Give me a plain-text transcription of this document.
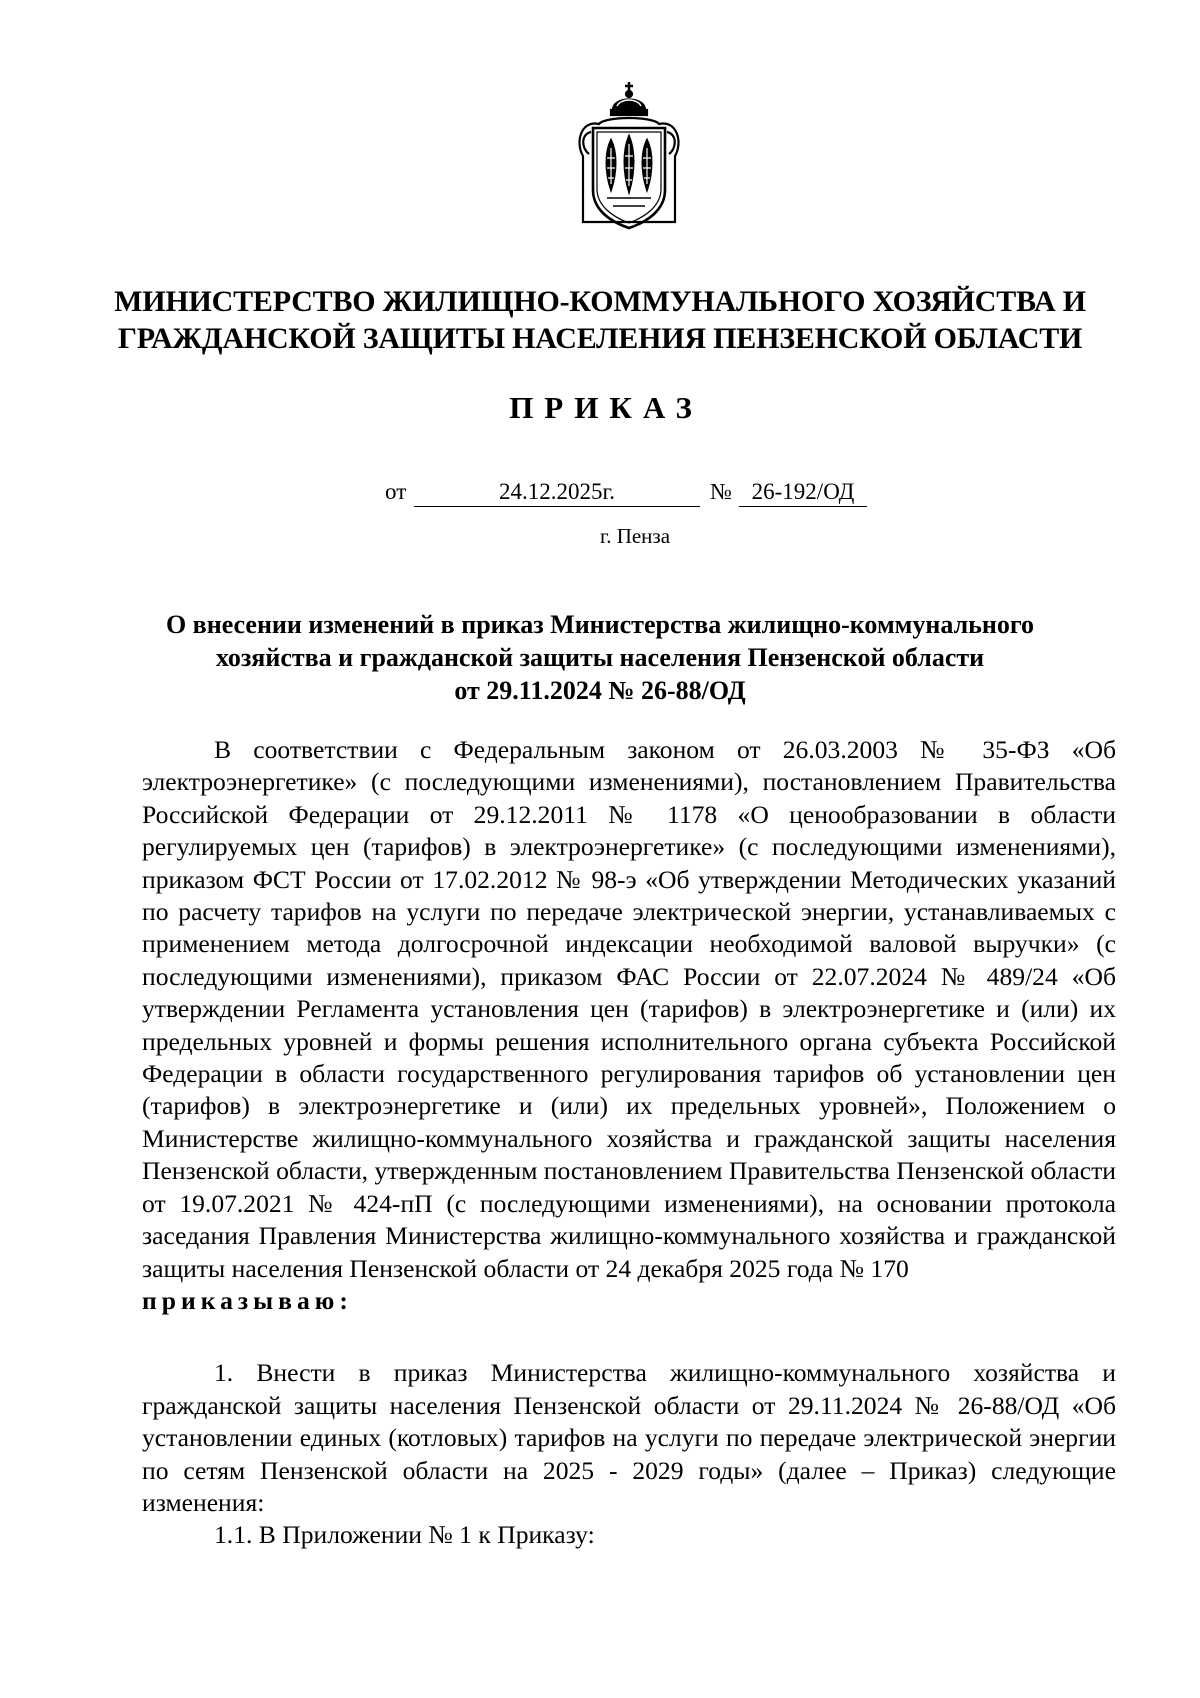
МИНИСТЕРСТВО ЖИЛИЩНО-КОММУНАЛЬНОГО ХОЗЯЙСТВА И
ГРАЖДАНСКОЙ ЗАЩИТЫ НАСЕЛЕНИЯ ПЕНЗЕНСКОЙ ОБЛАСТИ
ПРИКАЗ
от	24.12.2025г.	№ 26-192/ОД
г. Пенза
О внесении изменений в приказ Министерства жилищно-коммунального
хозяйства и гражданской защиты населения Пензенской области
от 29.11.2024 № 26-88/ОД

В соответствии с Федеральным законом от 26.03.2003 № 35-ФЗ «Об электроэнергетике» (с последующими изменениями), постановлением Правительства Российской Федерации от 29.12.2011 № 1178 «О ценообразовании в области регулируемых цен (тарифов) в электроэнергетике» (с последующими изменениями), приказом ФСТ России от 17.02.2012 № 98-э «Об утверждении Методических указаний по расчету тарифов на услуги по передаче электрической энергии, устанавливаемых с применением метода долгосрочной индексации необходимой валовой выручки» (с последующими изменениями), приказом ФАС России от 22.07.2024 № 489/24 «Об утверждении Регламента установления цен (тарифов) в электроэнергетике и (или) их предельных уровней и формы решения исполнительного органа субъекта Российской Федерации в области государственного регулирования тарифов об установлении цен (тарифов) в электроэнергетике и (или) их предельных уровней», Положением о Министерстве жилищно-коммунального хозяйства и гражданской защиты населения Пензенской области, утвержденным постановлением Правительства Пензенской области от 19.07.2021 № 424-пП (с последующими изменениями), на основании протокола заседания Правления Министерства жилищно-коммунального хозяйства и гражданской защиты населения Пензенской области от 24 декабря 2025 года № 170

приказываю:

1. Внести в приказ Министерства жилищно-коммунального хозяйства и гражданской защиты населения Пензенской области от 29.11.2024 № 26-88/ОД «Об установлении единых (котловых) тарифов на услуги по передаче электрической энергии по сетям Пензенской области на 2025 - 2029 годы» (далее – Приказ) следующие изменения:

1.1. В Приложении № 1 к Приказу:
